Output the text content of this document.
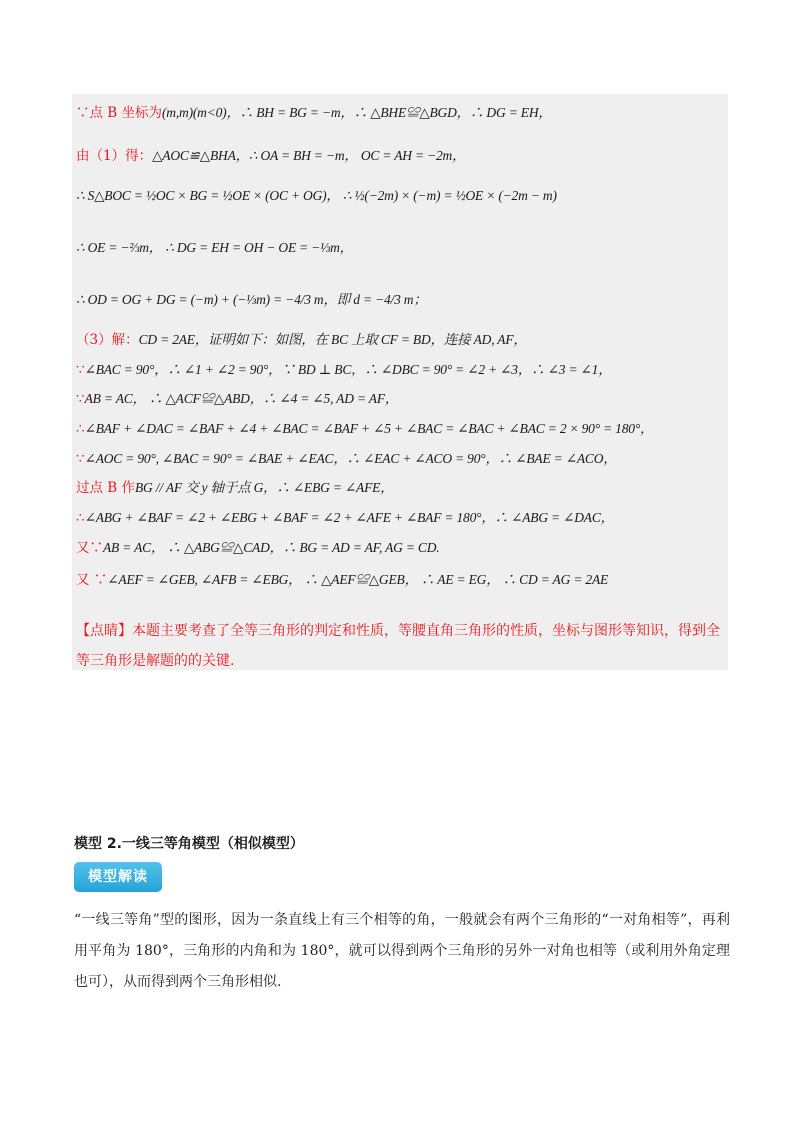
∵点 B 坐标为(m,m)(m<0)，∴ BH = BG = −m，∴ △BHE≌△BGD，∴ DG = EH，
由（1）得：△AOC≌△BHA，∴ OA = BH = −m， OC = AH = −2m，
∴ S△BOC = ½OC × BG = ½OE × (OC + OG)， ∴ ½(−2m) × (−m) = ½OE × (−2m − m)
∴ OE = −⅔m， ∴ DG = EH = OH − OE = −⅓m，
∴ OD = OG + DG = (−m) + (−⅓m) = −4/3 m，即 d = −4/3 m；
（3）解：CD = 2AE，证明如下：如图，在 BC 上取 CF = BD，连接 AD, AF，
∵∠BAC = 90°，∴ ∠1 + ∠2 = 90°，∵ BD ⊥ BC，∴ ∠DBC = 90° = ∠2 + ∠3，∴ ∠3 = ∠1，
∵AB = AC， ∴ △ACF≌△ABD，∴ ∠4 = ∠5, AD = AF，
∴∠BAF + ∠DAC = ∠BAF + ∠4 + ∠BAC = ∠BAF + ∠5 + ∠BAC = ∠BAC + ∠BAC = 2 × 90° = 180°，
∵∠AOC = 90°, ∠BAC = 90° = ∠BAE + ∠EAC，∴ ∠EAC + ∠ACO = 90°，∴ ∠BAE = ∠ACO，
过点 B 作BG // AF 交 y 轴于点 G，∴ ∠EBG = ∠AFE，
∴∠ABG + ∠BAF = ∠2 + ∠EBG + ∠BAF = ∠2 + ∠AFE + ∠BAF = 180°，∴ ∠ABG = ∠DAC，
又∵AB = AC， ∴ △ABG≌△CAD，∴ BG = AD = AF, AG = CD.
又 ∵∠AEF = ∠GEB, ∠AFB = ∠EBG， ∴ △AEF≌△GEB， ∴ AE = EG， ∴ CD = AG = 2AE
【点睛】本题主要考查了全等三角形的判定和性质，等腰直角三角形的性质，坐标与图形等知识，得到全等三角形是解题的的关键.
模型 2.一线三等角模型（相似模型）
模型解读
“一线三等角”型的图形，因为一条直线上有三个相等的角，一般就会有两个三角形的“一对角相等”，再利用平角为 180°，三角形的内角和为 180°，就可以得到两个三角形的另外一对角也相等（或利用外角定理也可），从而得到两个三角形相似.
